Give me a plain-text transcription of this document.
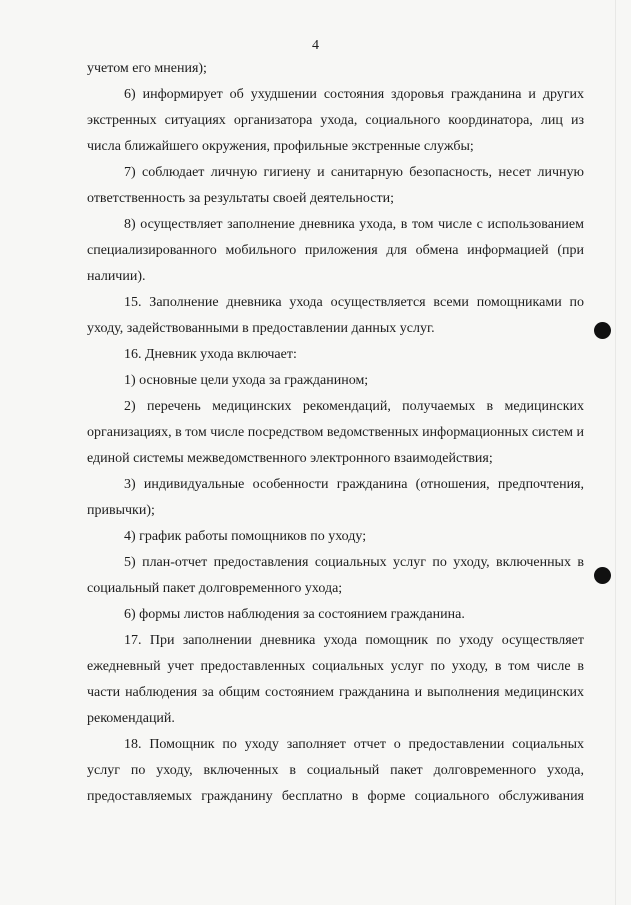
4

учетом его мнения);

6) информирует об ухудшении состояния здоровья гражданина и других экстренных ситуациях организатора ухода, социального координатора, лиц из числа ближайшего окружения, профильные экстренные службы;

7) соблюдает личную гигиену и санитарную безопасность, несет личную ответственность за результаты своей деятельности;

8) осуществляет заполнение дневника ухода, в том числе с использованием специализированного мобильного приложения для обмена информацией (при наличии).

15. Заполнение дневника ухода осуществляется всеми помощниками по уходу, задействованными в предоставлении данных услуг.

16. Дневник ухода включает:

1) основные цели ухода за гражданином;

2) перечень медицинских рекомендаций, получаемых в медицинских организациях, в том числе посредством ведомственных информационных систем и единой системы межведомственного электронного взаимодействия;

3) индивидуальные особенности гражданина (отношения, предпочтения, привычки);

4) график работы помощников по уходу;

5) план-отчет предоставления социальных услуг по уходу, включенных в социальный пакет долговременного ухода;

6) формы листов наблюдения за состоянием гражданина.

17. При заполнении дневника ухода помощник по уходу осуществляет ежедневный учет предоставленных социальных услуг по уходу, в том числе в части наблюдения за общим состоянием гражданина и выполнения медицинских рекомендаций.

18. Помощник по уходу заполняет отчет о предоставлении социальных услуг по уходу, включенных в социальный пакет долговременного ухода, предоставляемых гражданину бесплатно в форме социального обслуживания
